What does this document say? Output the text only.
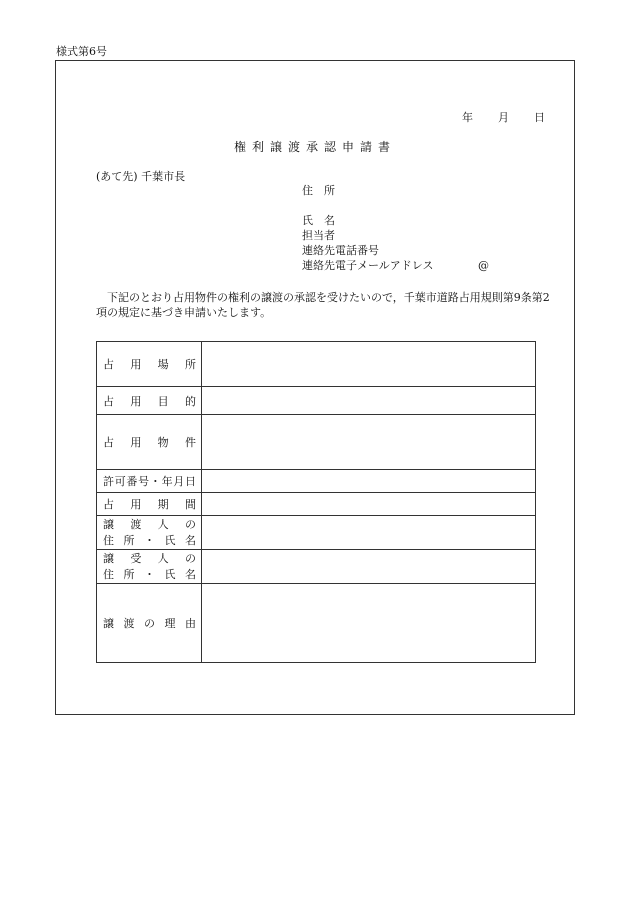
様式第6号
年	月	日
権利譲渡承認申請書
(あて先) 千葉市長
住　所
氏　名
担当者
連絡先電話番号
連絡先電子メールアドレス	@
下記のとおり占用物件の権利の譲渡の承認を受けたいので，千葉市道路占用規則第9条第2項の規定に基づき申請いたします。
占用場所	

占用目的	

占用物件	

許可番号・年月日	

占用期間	

譲渡人の
住所・氏名	

譲受人の
住所・氏名	

譲渡の理由	
